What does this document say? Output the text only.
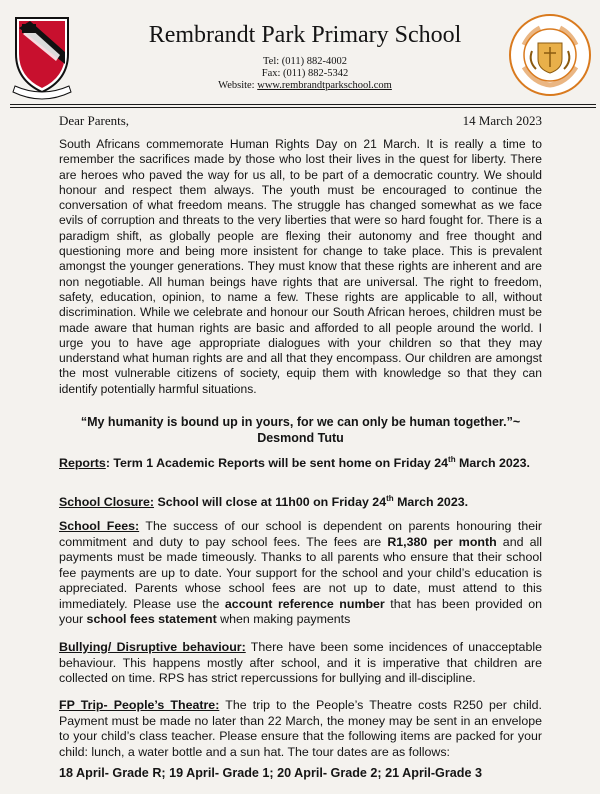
Rembrandt Park Primary School
Tel: (011) 882-4002
Fax: (011) 882-5342
Website: www.rembrandtparkschool.com
Dear Parents,	14 March 2023

South Africans commemorate Human Rights Day on 21 March. It is really a time to remember the sacrifices made by those who lost their lives in the quest for liberty. There are heroes who paved the way for us all, to be part of a democratic country. We should honour and respect them always. The youth must be encouraged to continue the conversation of what freedom means. The struggle has changed somewhat as we face evils of corruption and threats to the very liberties that were so hard fought for. There is a paradigm shift, as globally people are flexing their autonomy and free thought and questioning more and being more insistent for change to take place. This is prevalent amongst the younger generations. They must know that these rights are inherent and are non negotiable. All human beings have rights that are universal. The right to freedom, safety, education, opinion, to name a few. These rights are applicable to all, without discrimination. While we celebrate and honour our South African heroes, children must be made aware that human rights are basic and afforded to all people around the world. I urge you to have age appropriate dialogues with your children so that they may understand what human rights are and all that they encompass. Our children are amongst the most vulnerable citizens of society, equip them with knowledge so that they can identify potentially harmful situations.

“My humanity is bound up in yours, for we can only be human together.”~
Desmond Tutu

Reports: Term 1 Academic Reports will be sent home on Friday 24th March 2023.

School Closure: School will close at 11h00 on Friday 24th March 2023.

School Fees: The success of our school is dependent on parents honouring their commitment and duty to pay school fees. The fees are R1,380 per month and all payments must be made timeously. Thanks to all parents who ensure that their school fee payments are up to date. Your support for the school and your child’s education is appreciated. Parents whose school fees are not up to date, must attend to this immediately. Please use the account reference number that has been provided on your school fees statement when making payments

Bullying/ Disruptive behaviour: There have been some incidences of unacceptable behaviour. This happens mostly after school, and it is imperative that children are collected on time. RPS has strict repercussions for bullying and ill-discipline.

FP Trip- People’s Theatre: The trip to the People’s Theatre costs R250 per child. Payment must be made no later than 22 March, the money may be sent in an envelope to your child’s class teacher. Please ensure that the following items are packed for your child: lunch, a water bottle and a sun hat. The tour dates are as follows:

18 April- Grade R; 19 April- Grade 1; 20 April- Grade 2; 21 April-Grade 3
